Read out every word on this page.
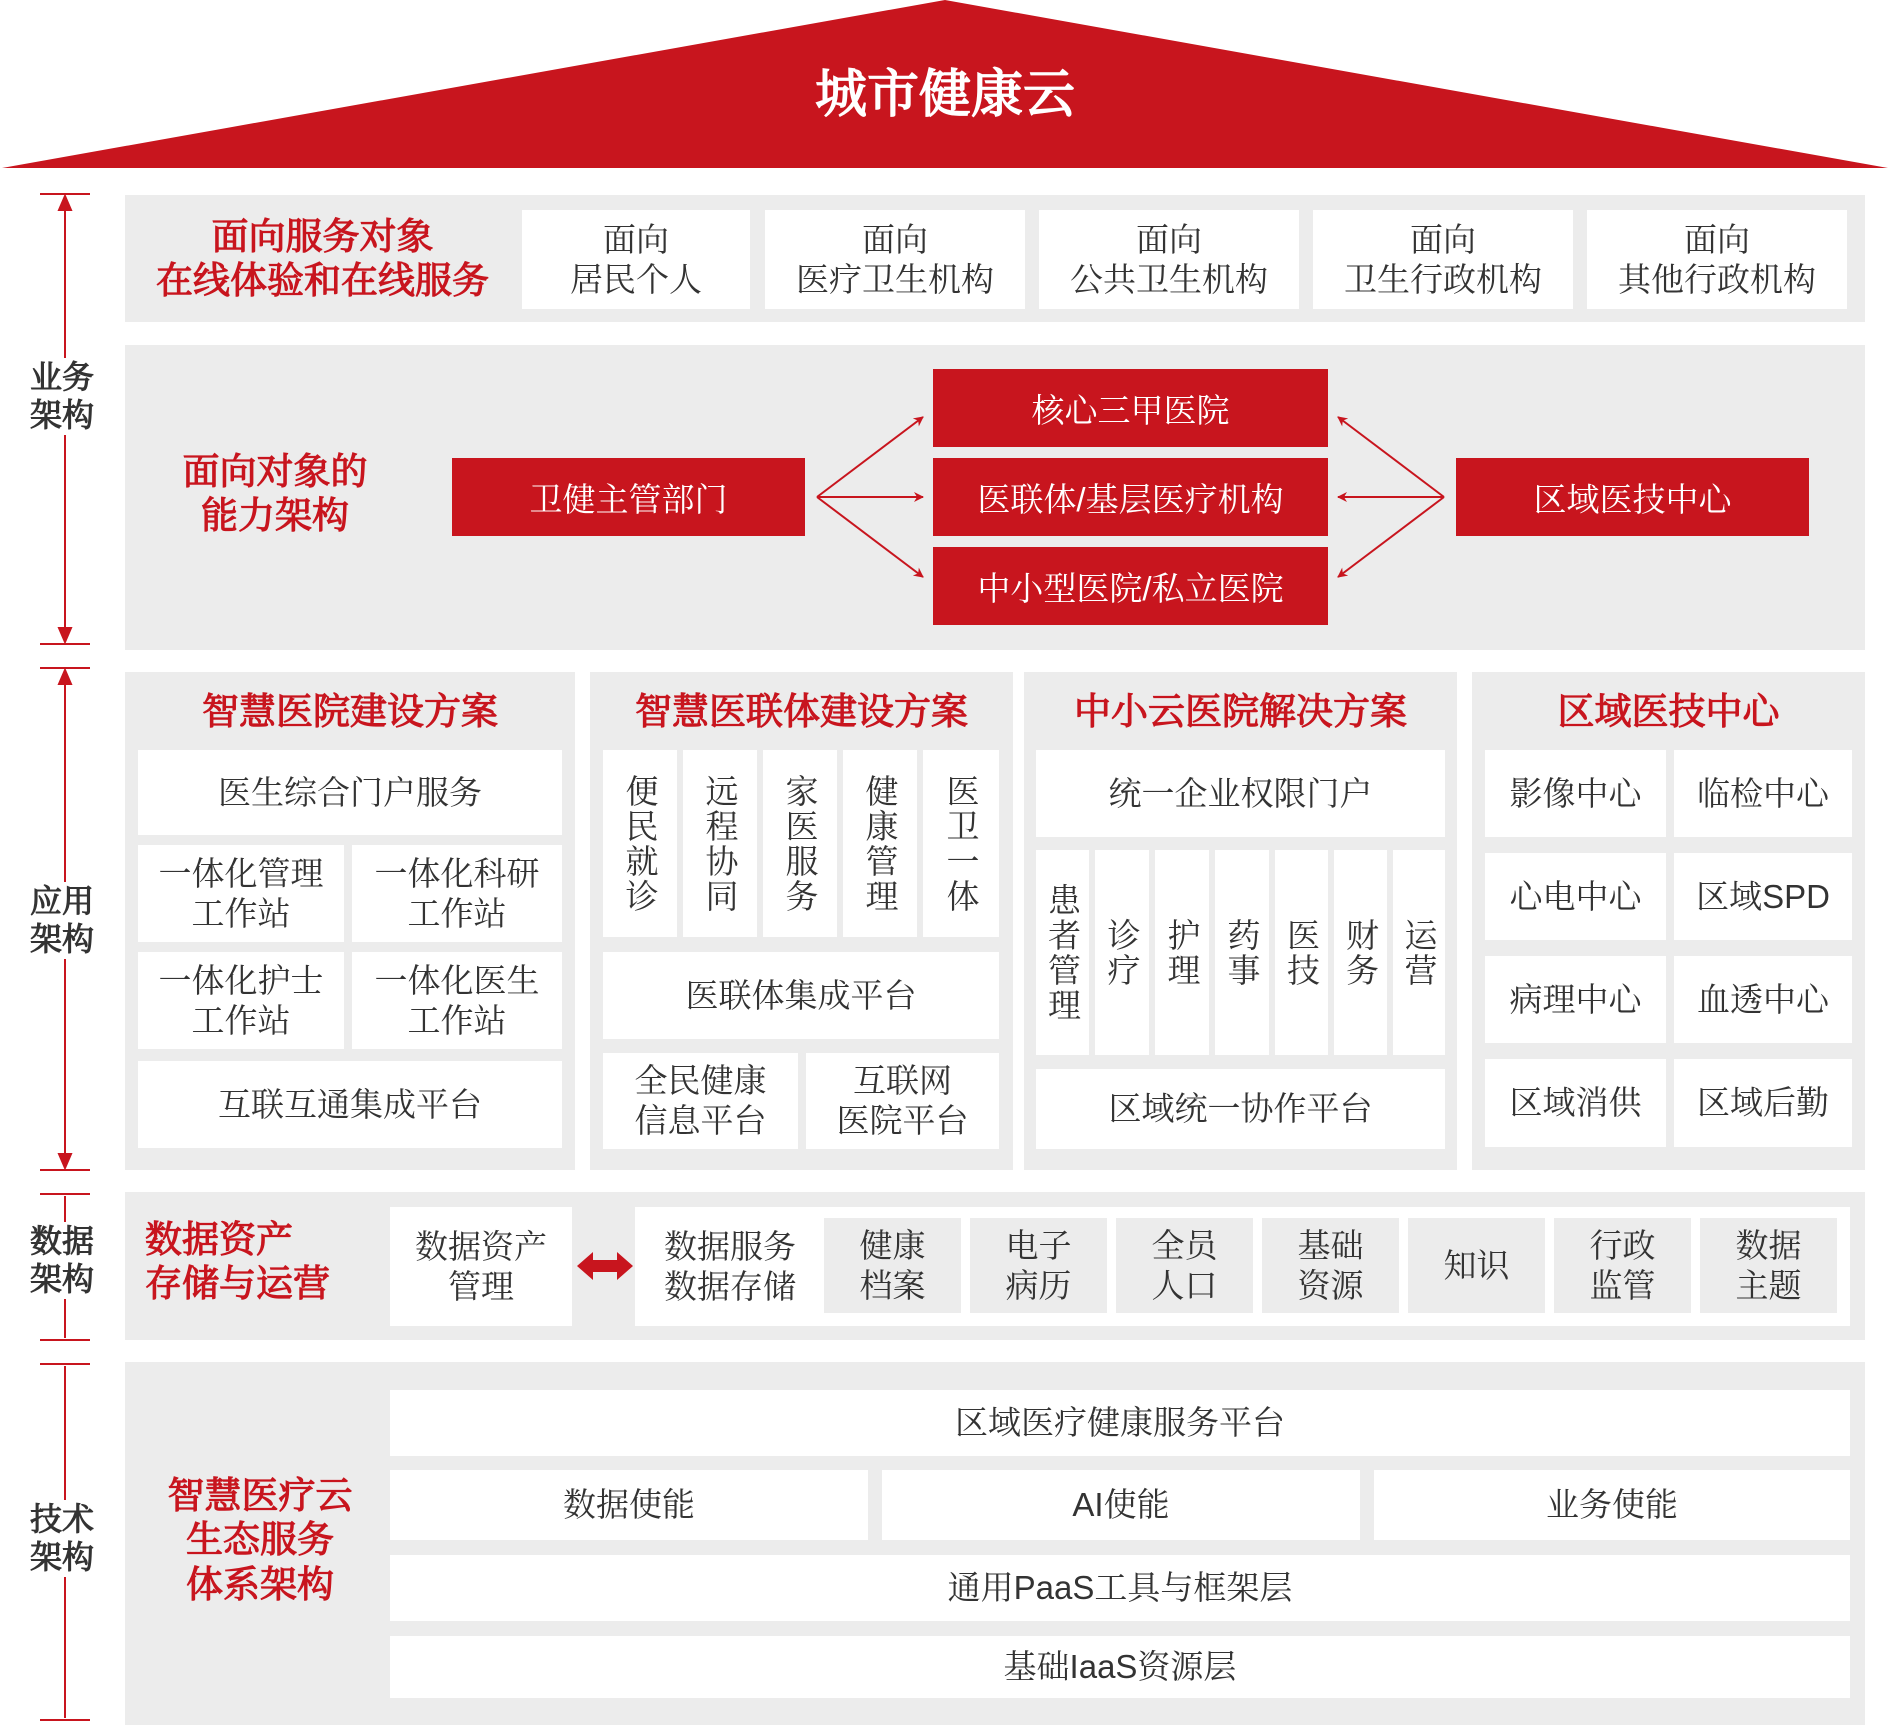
城市健康云
业务
架构
应用
架构
数据
架构
技术
架构
面向服务对象
在线体验和在线服务
面向
居民个人
面向
医疗卫生机构
面向
公共卫生机构
面向
卫生行政机构
面向
其他行政机构
面向对象的
能力架构	卫健主管部门
核心三甲医院
医联体/基层医疗机构
中小型医院/私立医院
区域医技中心
智慧医院建设方案
医生综合门户服务
一体化管理
工作站
一体化科研
工作站
一体化护士
工作站
一体化医生
工作站
互联互通集成平台
智慧医联体建设方案
便民就诊 远程协同 家医服务 健康管理 医卫一体
医联体集成平台
全民健康
信息平台
互联网
医院平台
中小云医院解决方案
统一企业权限门户
患者管理 诊疗 护理 药事 医技 财务 运营
区域统一协作平台
区域医技中心
影像中心	临检中心
心电中心	区域SPD
病理中心	血透中心
区域消供	区域后勤
数据资产
存储与运营
数据资产
管理
数据服务
数据存储
健康
档案
电子
病历
全员
人口
基础
资源
知识
行政
监管
数据
主题
智慧医疗云
生态服务
体系架构
区域医疗健康服务平台
数据使能	AI使能	业务使能
通用PaaS工具与框架层
基础IaaS资源层
